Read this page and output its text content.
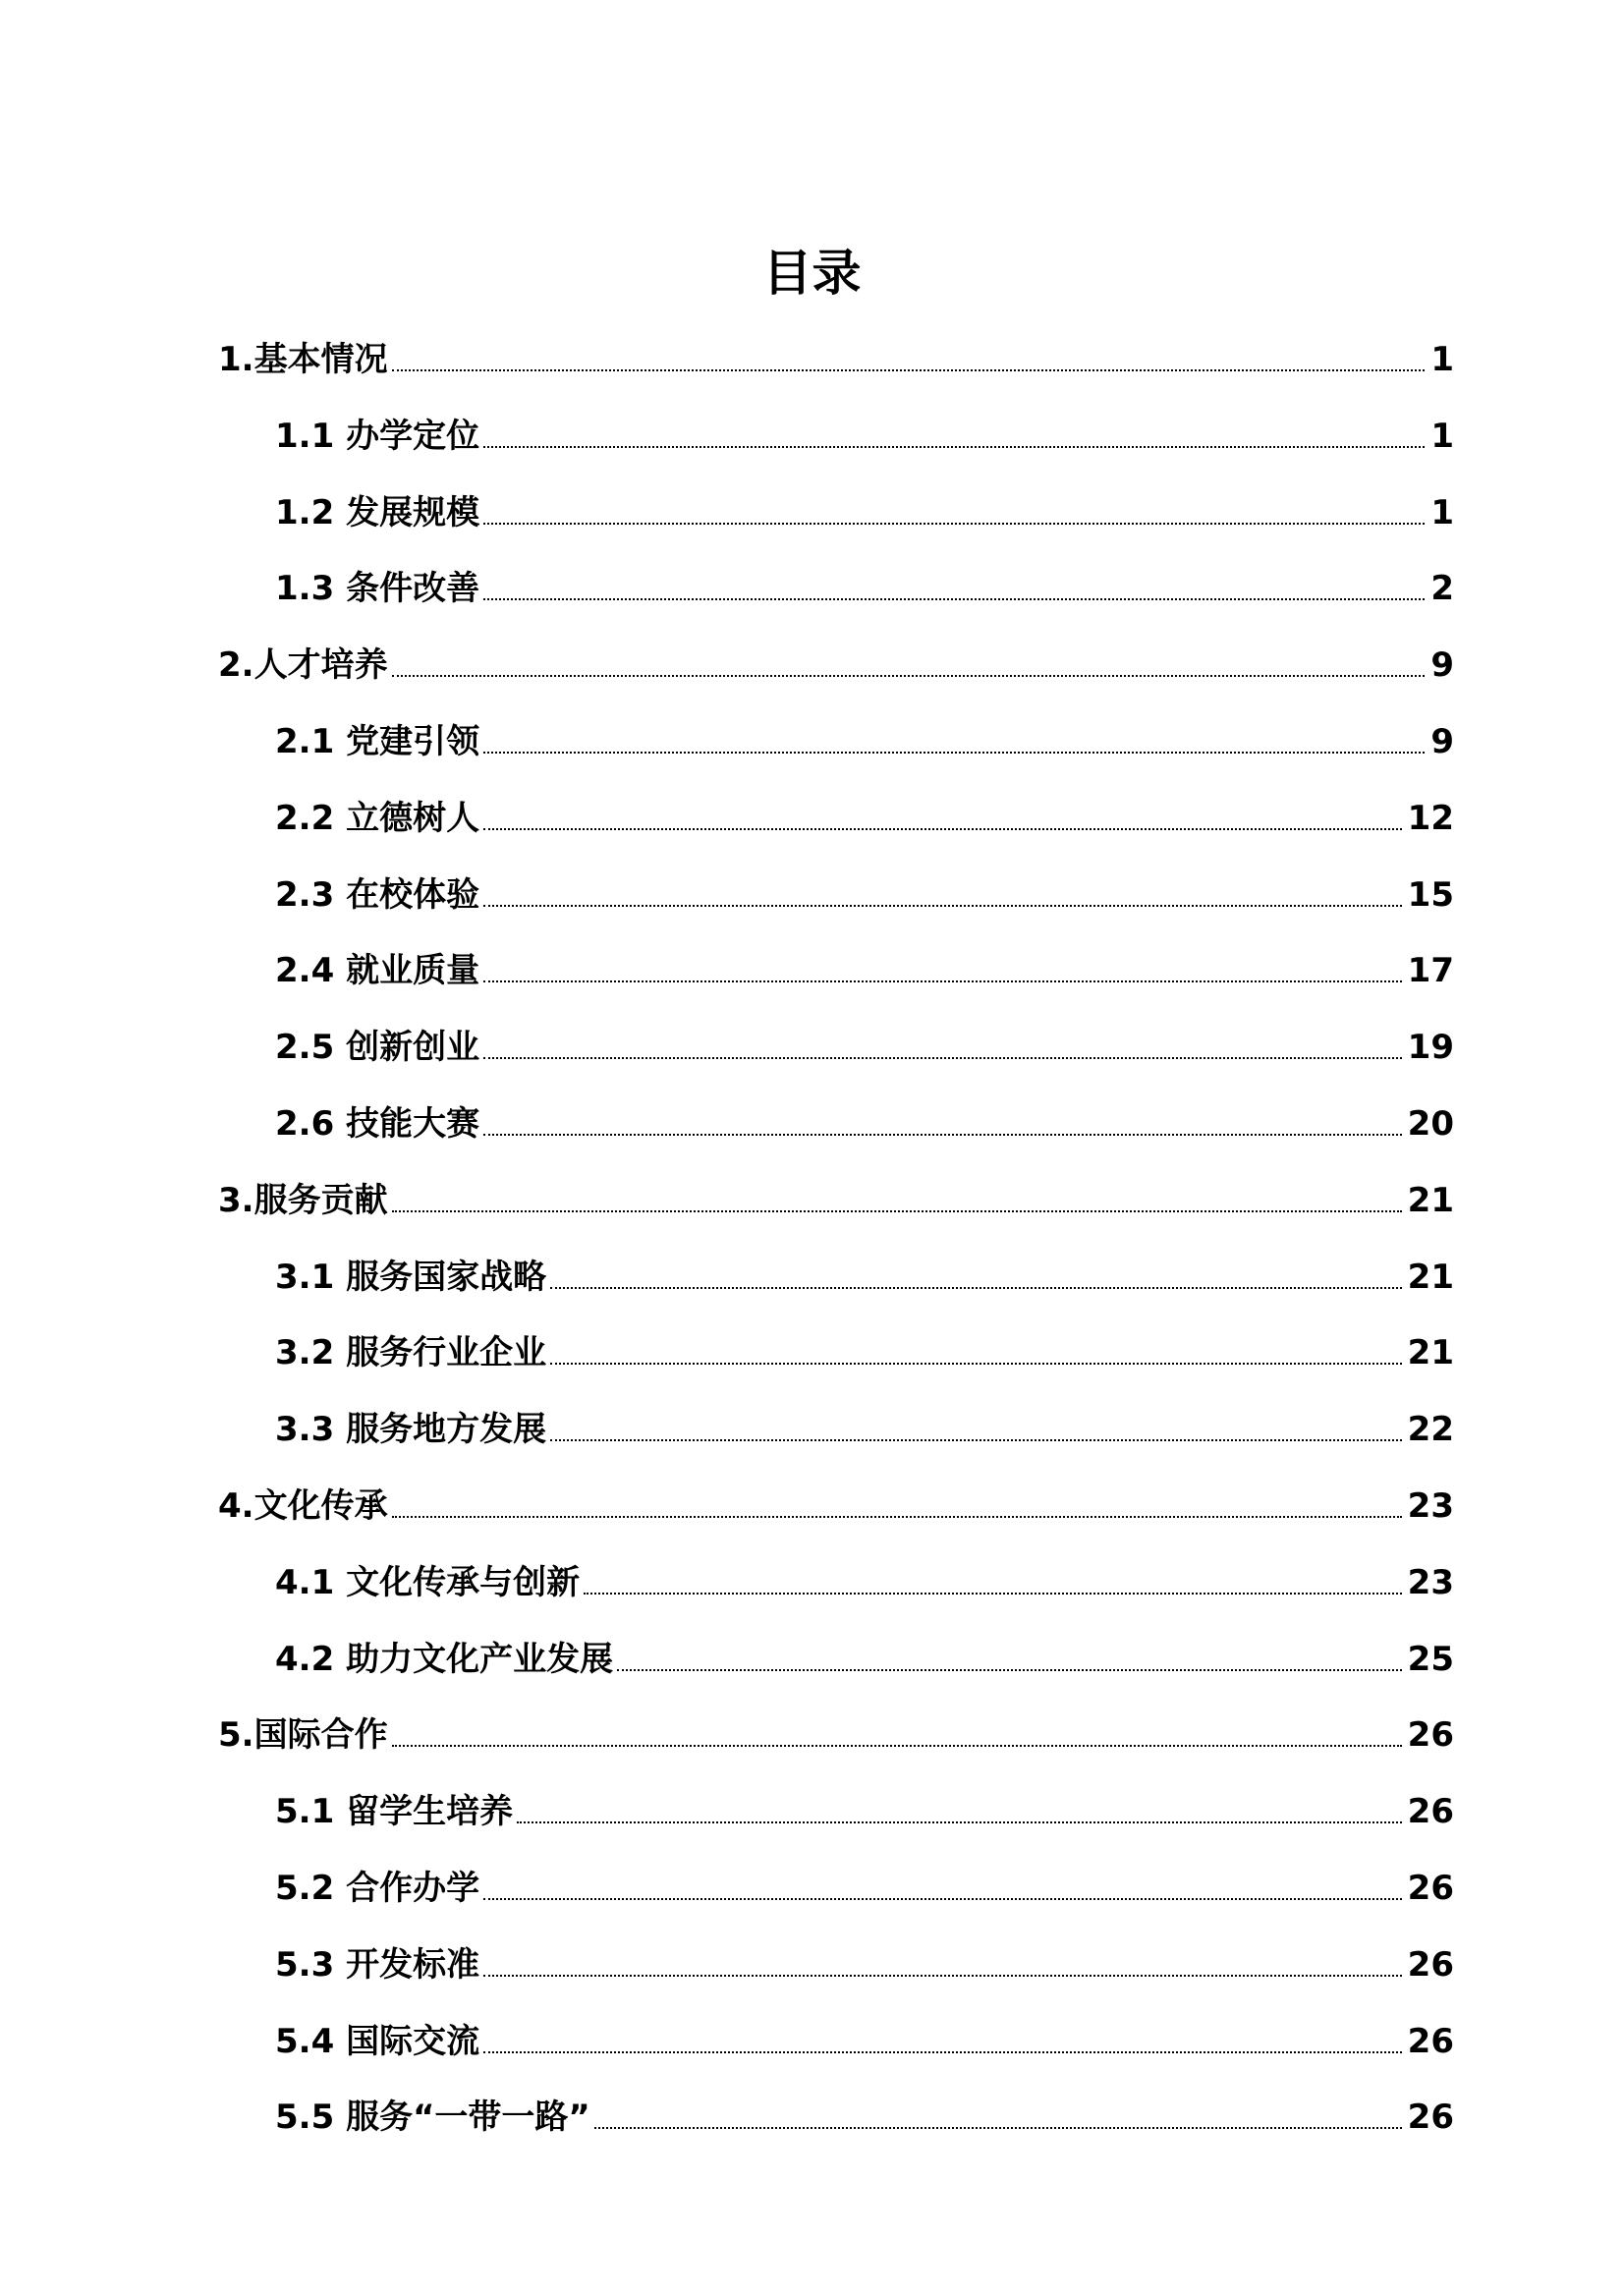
目录
1.基本情况	1
1.1 办学定位	1
1.2 发展规模	1
1.3 条件改善	2
2.人才培养	9
2.1 党建引领	9
2.2 立德树人	12
2.3 在校体验	15
2.4 就业质量	17
2.5 创新创业	19
2.6 技能大赛	20
3.服务贡献	21
3.1 服务国家战略	21
3.2 服务行业企业	21
3.3 服务地方发展	22
4.文化传承	23
4.1 文化传承与创新	23
4.2 助力文化产业发展	25
5.国际合作	26
5.1 留学生培养	26
5.2 合作办学	26
5.3 开发标准	26
5.4 国际交流	26
5.5 服务“一带一路”	26
